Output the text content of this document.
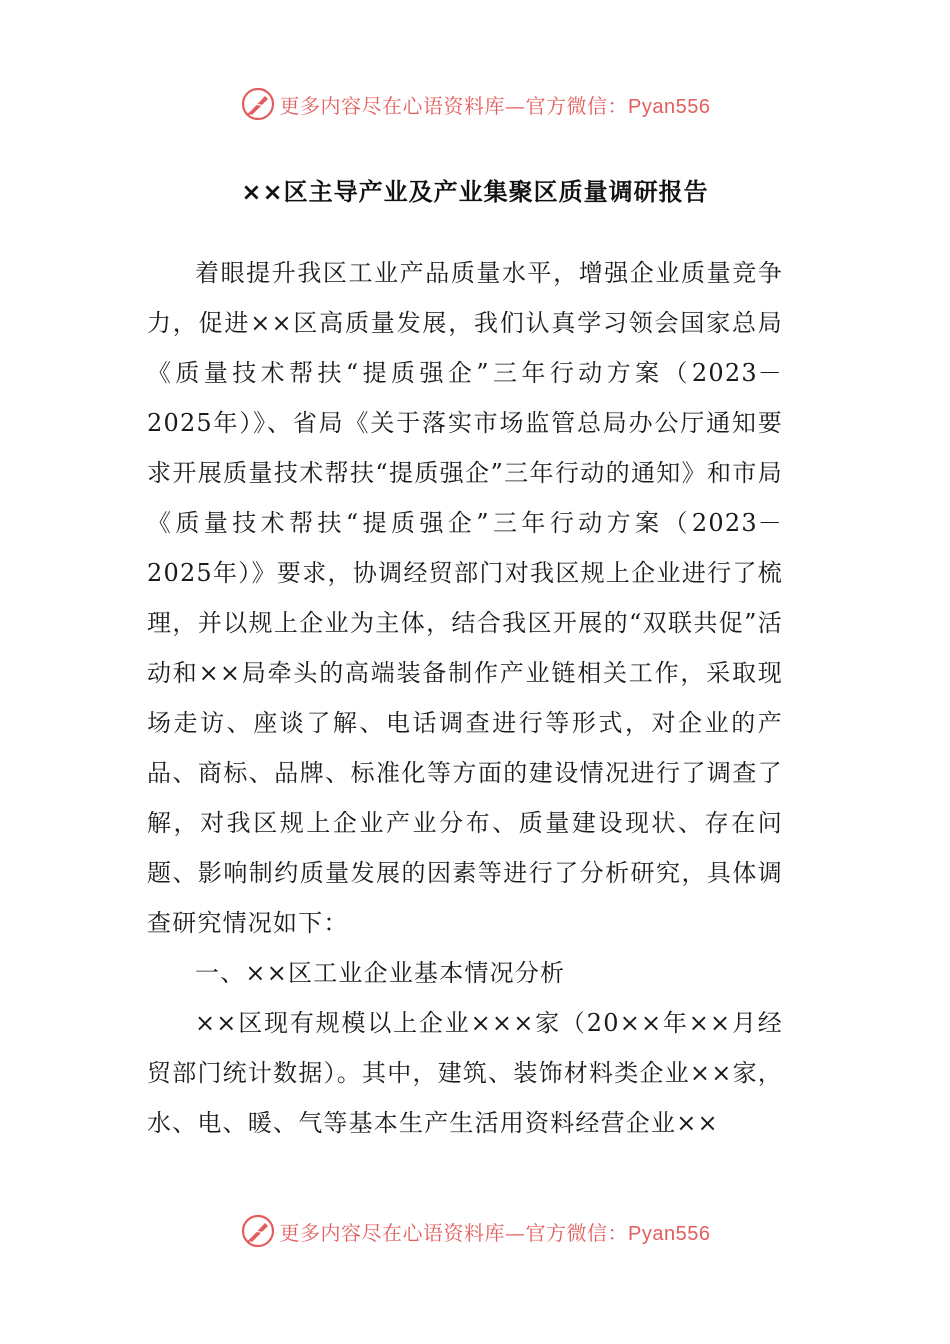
更多内容尽在心语资料库—官方微信：Pyan556
××区主导产业及产业集聚区质量调研报告

着眼提升我区工业产品质量水平，增强企业质量竞争力，促进××区高质量发展，我们认真学习领会国家总局《质量技术帮扶“提质强企”三年行动方案（2023－2025年）》、省局《关于落实市场监管总局办公厅通知要求开展质量技术帮扶“提质强企”三年行动的通知》和市局《质量技术帮扶“提质强企”三年行动方案（2023－2025年）》要求，协调经贸部门对我区规上企业进行了梳理，并以规上企业为主体，结合我区开展的“双联共促”活动和××局牵头的高端装备制作产业链相关工作，采取现场走访、座谈了解、电话调查进行等形式，对企业的产品、商标、品牌、标准化等方面的建设情况进行了调查了解，对我区规上企业产业分布、质量建设现状、存在问题、影响制约质量发展的因素等进行了分析研究，具体调查研究情况如下：

一、××区工业企业基本情况分析

××区现有规模以上企业×××家（20××年××月经贸部门统计数据）。其中，建筑、装饰材料类企业××家，水、电、暖、气等基本生产生活用资料经营企业××

更多内容尽在心语资料库—官方微信：Pyan556
